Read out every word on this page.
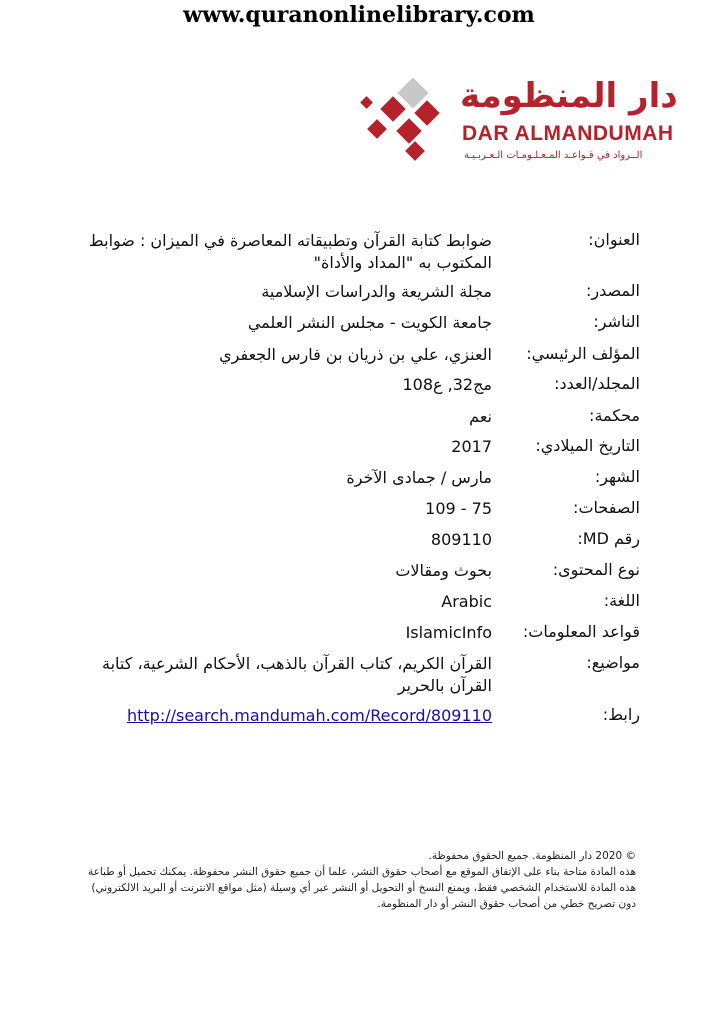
www.quranonlinelibrary.com
دار المنظومة
DAR ALMANDUMAH
الــرواد في قـواعـد المـعـلـومـات الـعـربـيـة
العنوان:
ضوابط كتابة القرآن وتطبيقاته المعاصرة في الميزان : ضوابط المكتوب به "المداد والأداة"
المصدر:
مجلة الشريعة والدراسات الإسلامية
الناشر:
جامعة الكويت - مجلس النشر العلمي
المؤلف الرئيسي:
العنزي، علي بن ذريان بن فارس الجعفري
المجلد/العدد:
مج32, ع108
محكمة:
نعم
التاريخ الميلادي:
2017
الشهر:
مارس / جمادى الآخرة
الصفحات:
75 - 109
رقم MD:
809110
نوع المحتوى:
بحوث ومقالات
اللغة:
Arabic
قواعد المعلومات:
IslamicInfo
مواضيع:
القرآن الكريم، كتاب القرآن بالذهب، الأحكام الشرعية، كتابة القرآن بالحرير
رابط:
http://search.mandumah.com/Record/809110
© 2020 دار المنظومة. جميع الحقوق محفوظة.
هذه المادة متاحة بناء على الإتفاق الموقع مع أصحاب حقوق النشر، علما أن جميع حقوق النشر محفوظة. يمكنك تحميل أو طباعة هذه المادة للاستخدام الشخصي فقط، ويمنع النسخ أو التحويل أو النشر عبر أي وسيلة (مثل مواقع الانترنت أو البريد الالكتروني) دون تصريح خطي من أصحاب حقوق النشر أو دار المنظومة.
